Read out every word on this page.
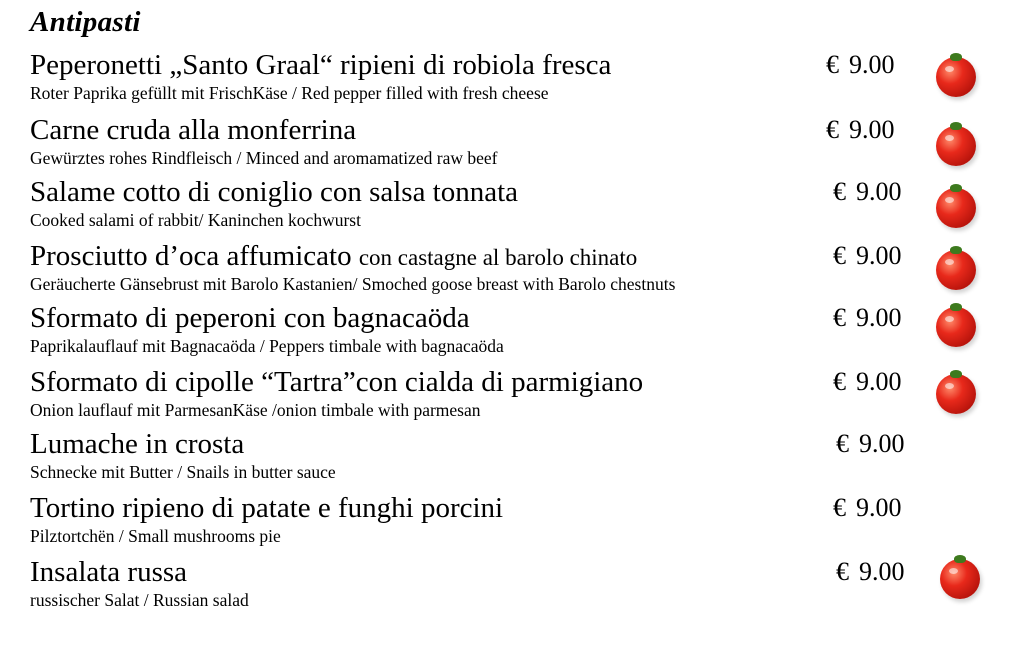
Antipasti
Peperonetti „Santo Graal“ ripieni di robiola fresca
Roter Paprika gefüllt mit FrischKäse / Red pepper filled with fresh cheese
€ 9.00
Carne cruda alla monferrina
Gewürztes rohes Rindfleisch / Minced and aromamatized raw beef
€ 9.00
Salame cotto di coniglio con salsa tonnata
Cooked salami of rabbit/ Kaninchen kochwurst
€ 9.00
Prosciutto d’oca affumicato con castagne al barolo chinato
Geräucherte Gänsebrust mit Barolo Kastanien/ Smoched goose breast with Barolo chestnuts
€ 9.00
Sformato di peperoni con bagnacaöda
Paprikalauflauf mit Bagnacaöda / Peppers timbale with bagnacaöda
€ 9.00
Sformato di cipolle “Tartra”con cialda di parmigiano
Onion lauflauf mit ParmesanKäse /onion timbale with parmesan
€ 9.00
Lumache in crosta
Schnecke mit Butter / Snails in butter sauce
€ 9.00
Tortino ripieno di patate e funghi porcini
Pilztortchën / Small mushrooms pie
€ 9.00
Insalata russa
russischer Salat / Russian salad
€ 9.00
